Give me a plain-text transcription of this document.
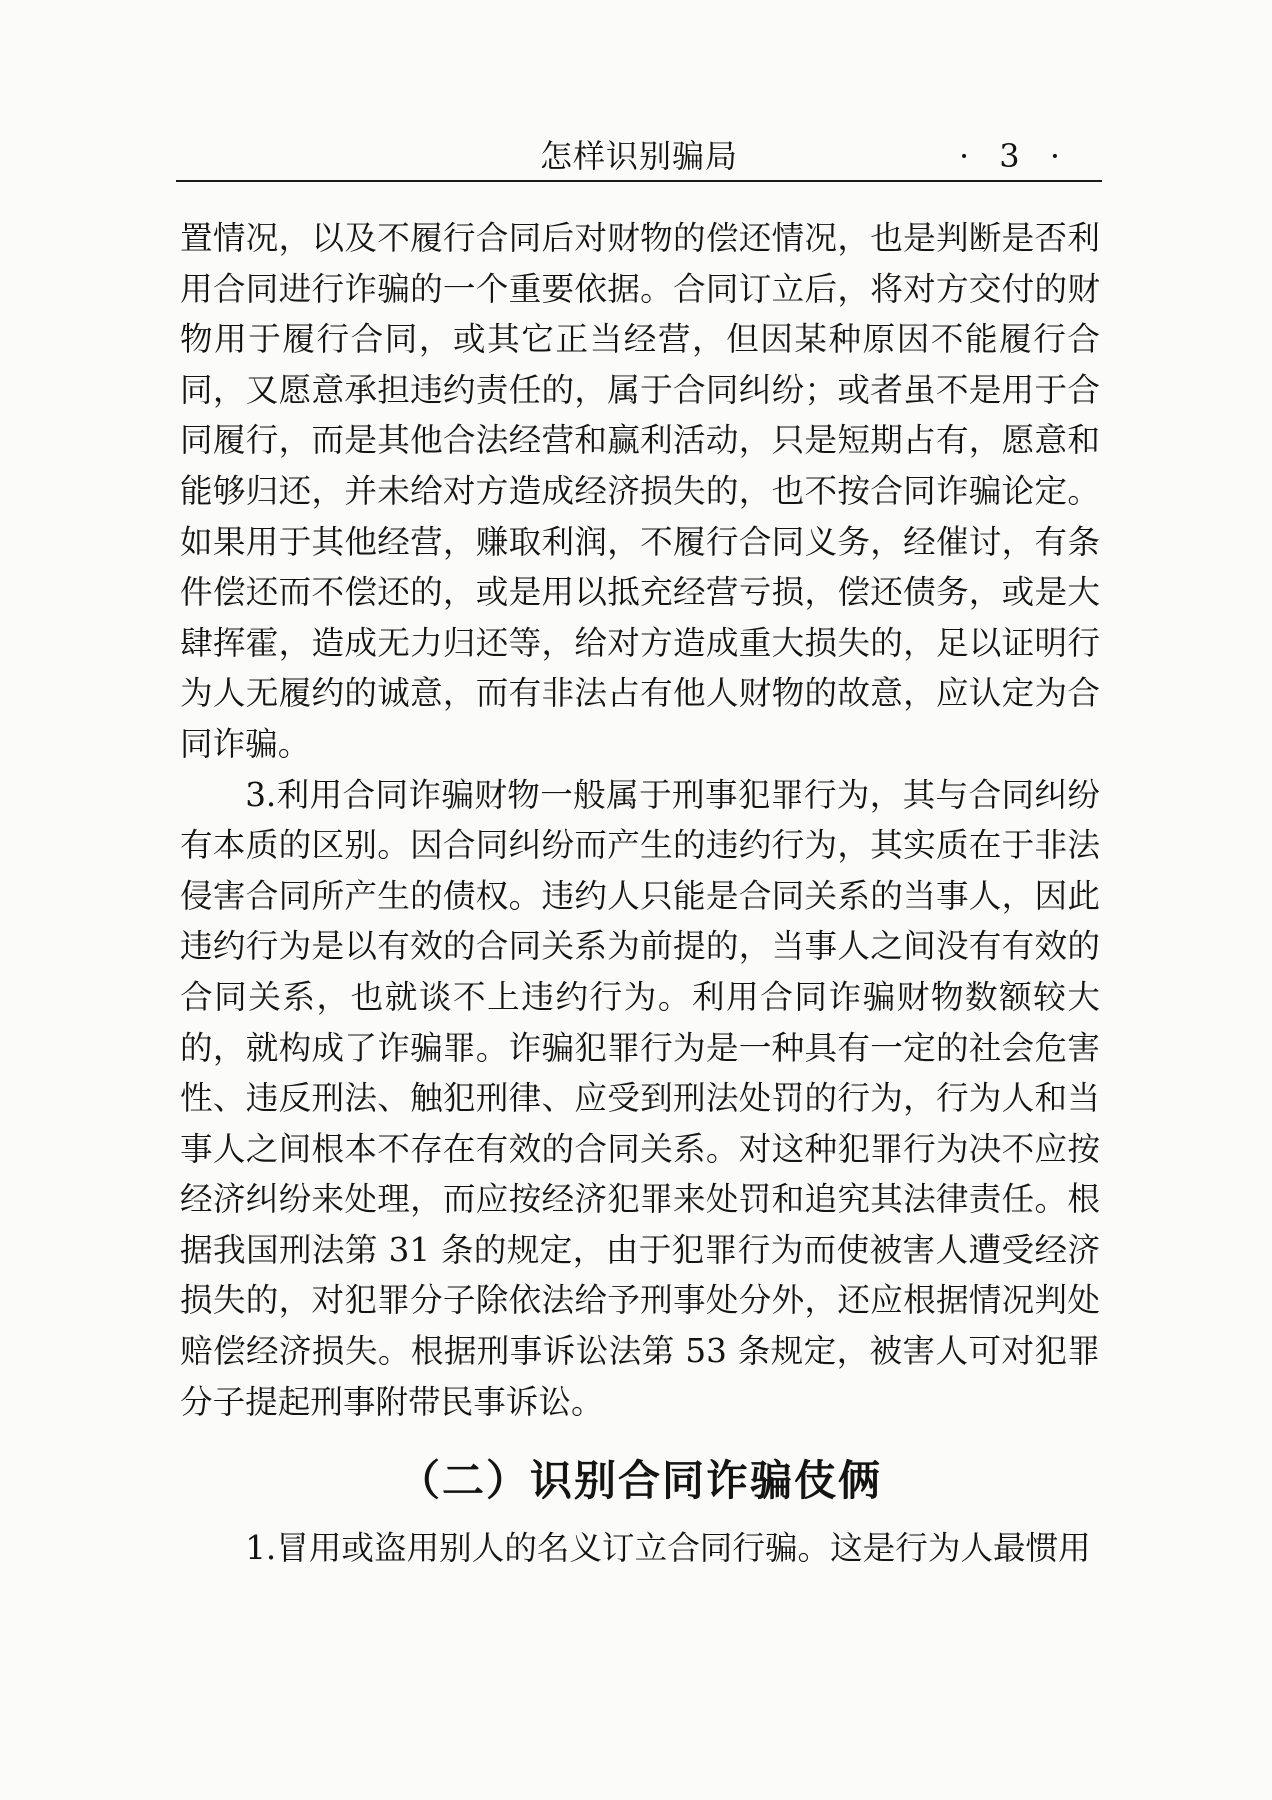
怎样识别骗局	· 3 ·

置情况，以及不履行合同后对财物的偿还情况，也是判断是否利用合同进行诈骗的一个重要依据。合同订立后，将对方交付的财物用于履行合同，或其它正当经营，但因某种原因不能履行合同，又愿意承担违约责任的，属于合同纠纷；或者虽不是用于合同履行，而是其他合法经营和赢利活动，只是短期占有，愿意和能够归还，并未给对方造成经济损失的，也不按合同诈骗论定。如果用于其他经营，赚取利润，不履行合同义务，经催讨，有条件偿还而不偿还的，或是用以抵充经营亏损，偿还债务，或是大肆挥霍，造成无力归还等，给对方造成重大损失的，足以证明行为人无履约的诚意，而有非法占有他人财物的故意，应认定为合同诈骗。

3.利用合同诈骗财物一般属于刑事犯罪行为，其与合同纠纷有本质的区别。因合同纠纷而产生的违约行为，其实质在于非法侵害合同所产生的债权。违约人只能是合同关系的当事人，因此违约行为是以有效的合同关系为前提的，当事人之间没有有效的合同关系，也就谈不上违约行为。利用合同诈骗财物数额较大的，就构成了诈骗罪。诈骗犯罪行为是一种具有一定的社会危害性、违反刑法、触犯刑律、应受到刑法处罚的行为，行为人和当事人之间根本不存在有效的合同关系。对这种犯罪行为决不应按经济纠纷来处理，而应按经济犯罪来处罚和追究其法律责任。根据我国刑法第 31 条的规定，由于犯罪行为而使被害人遭受经济损失的，对犯罪分子除依法给予刑事处分外，还应根据情况判处赔偿经济损失。根据刑事诉讼法第 53 条规定，被害人可对犯罪分子提起刑事附带民事诉讼。

（二）识别合同诈骗伎俩

1.冒用或盗用别人的名义订立合同行骗。这是行为人最惯用
